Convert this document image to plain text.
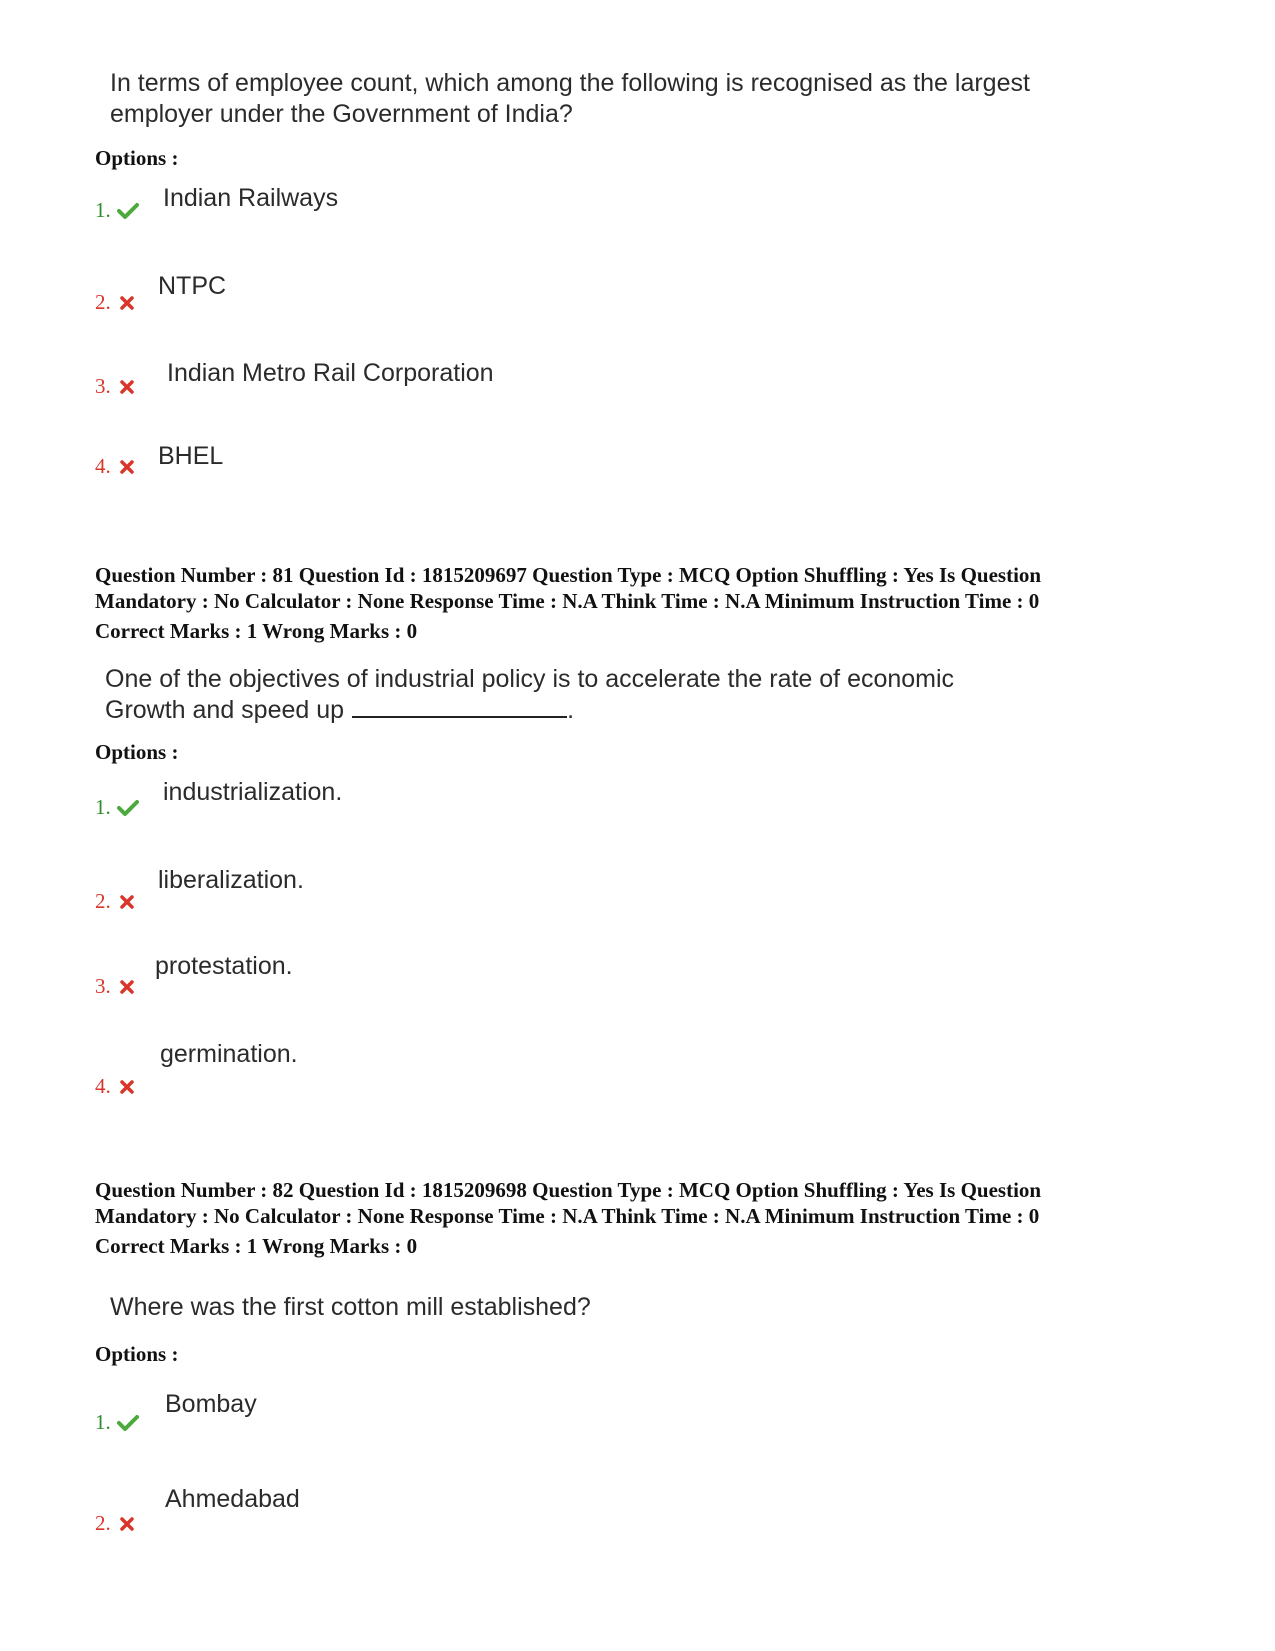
In terms of employee count, which among the following is recognised as the largest
employer under the Government of India?
Options :
1.	Indian Railways
2.
NTPC
3.	Indian Metro Rail Corporation
4.	BHEL
Question Number : 81 Question Id : 1815209697 Question Type : MCQ Option Shuffling : Yes Is Question
Mandatory : No Calculator : None Response Time : N.A Think Time : N.A Minimum Instruction Time : 0
Correct Marks : 1 Wrong Marks : 0
One of the objectives of industrial policy is to accelerate the rate of economic
Growth and speed up	.
Options :
1.
industrialization.
2.
liberalization.
3.
protestation.
4.
germination.
Question Number : 82 Question Id : 1815209698 Question Type : MCQ Option Shuffling : Yes Is Question
Mandatory : No Calculator : None Response Time : N.A Think Time : N.A Minimum Instruction Time : 0
Correct Marks : 1 Wrong Marks : 0
Where was the first cotton mill established?
Options :
1.
Bombay
2.
Ahmedabad
